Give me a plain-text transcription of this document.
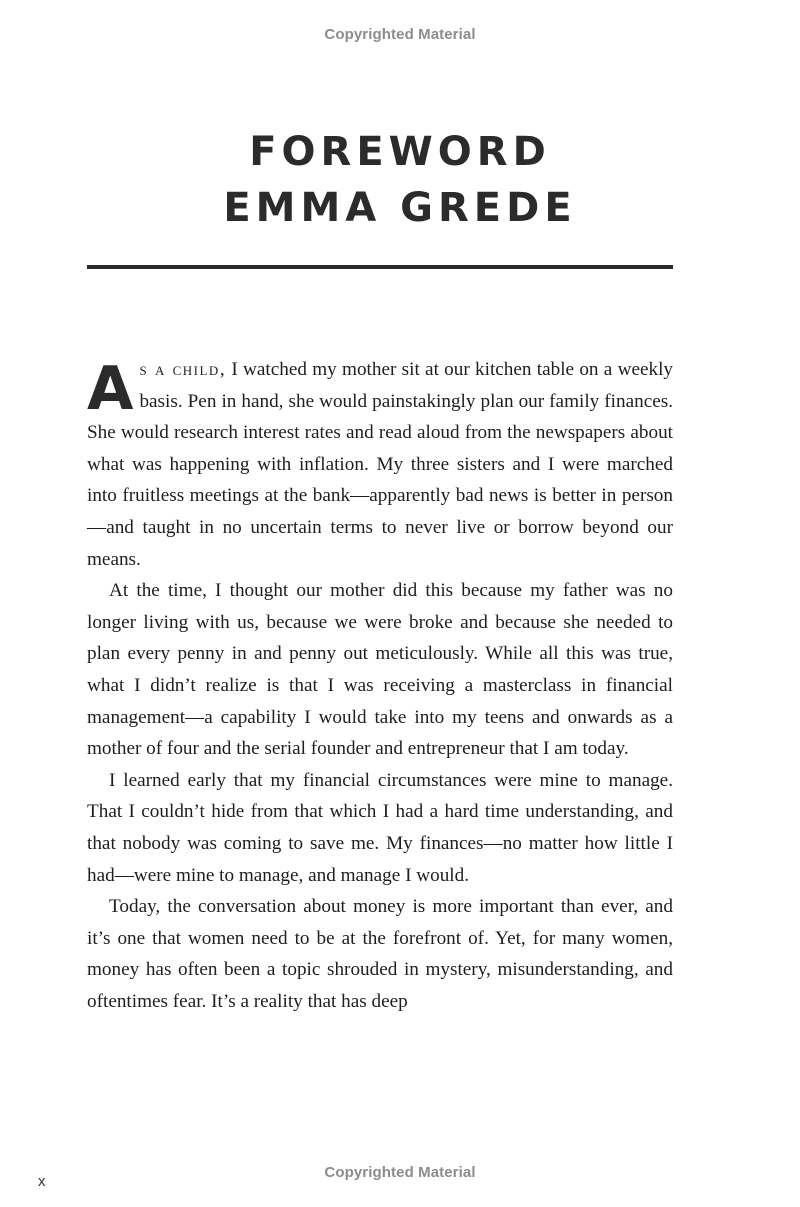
Copyrighted Material
FOREWORD
EMMA GREDE

As a child, I watched my mother sit at our kitchen table on a weekly basis. Pen in hand, she would painstakingly plan our family finances. She would research interest rates and read aloud from the newspapers about what was happening with inflation. My three sisters and I were marched into fruitless meetings at the bank—apparently bad news is better in person—and taught in no uncertain terms to never live or borrow beyond our means.

At the time, I thought our mother did this because my father was no longer living with us, because we were broke and because she needed to plan every penny in and penny out meticulously. While all this was true, what I didn’t realize is that I was receiving a masterclass in financial management—a capability I would take into my teens and onwards as a mother of four and the serial founder and entrepreneur that I am today.

I learned early that my financial circumstances were mine to manage. That I couldn’t hide from that which I had a hard time understanding, and that nobody was coming to save me. My finances—no matter how little I had—were mine to manage, and manage I would.

Today, the conversation about money is more important than ever, and it’s one that women need to be at the forefront of. Yet, for many women, money has often been a topic shrouded in mystery, misunderstanding, and oftentimes fear. It’s a reality that has deep

x
Copyrighted Material
